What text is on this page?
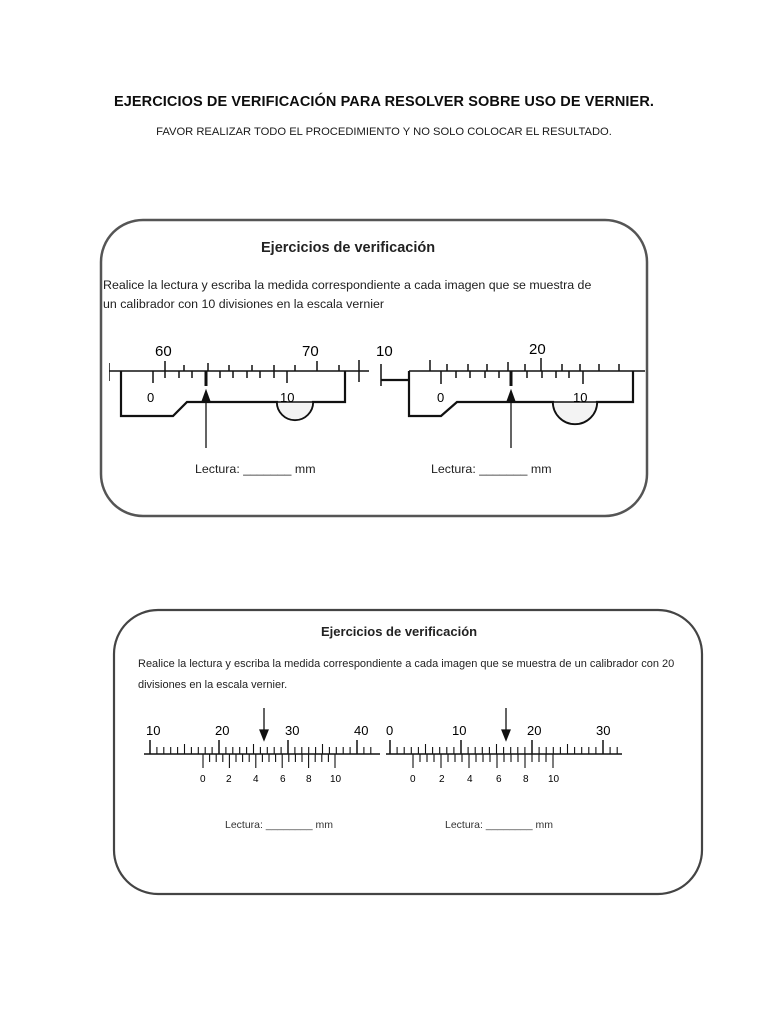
EJERCICIOS DE VERIFICACIÓN PARA RESOLVER SOBRE USO DE VERNIER.
FAVOR REALIZAR TODO EL PROCEDIMIENTO Y NO SOLO COLOCAR EL RESULTADO.
Ejercicios de verificación
Realice la lectura y escriba la medida correspondiente a cada imagen que se muestra de un calibrador con 10 divisiones en la escala vernier
60	70
0	10
Lectura: _______ mm
10	20
0	10
Lectura: _______ mm
Ejercicios de verificación
Realice la lectura y escriba la medida correspondiente a cada imagen que se muestra de un calibrador con 20 divisiones en la escala vernier.
10	20	30	40
0 2 4 6 8 10
Lectura: ________ mm
0	10	20	30
0 2 4 6 8 10
Lectura: ________ mm
